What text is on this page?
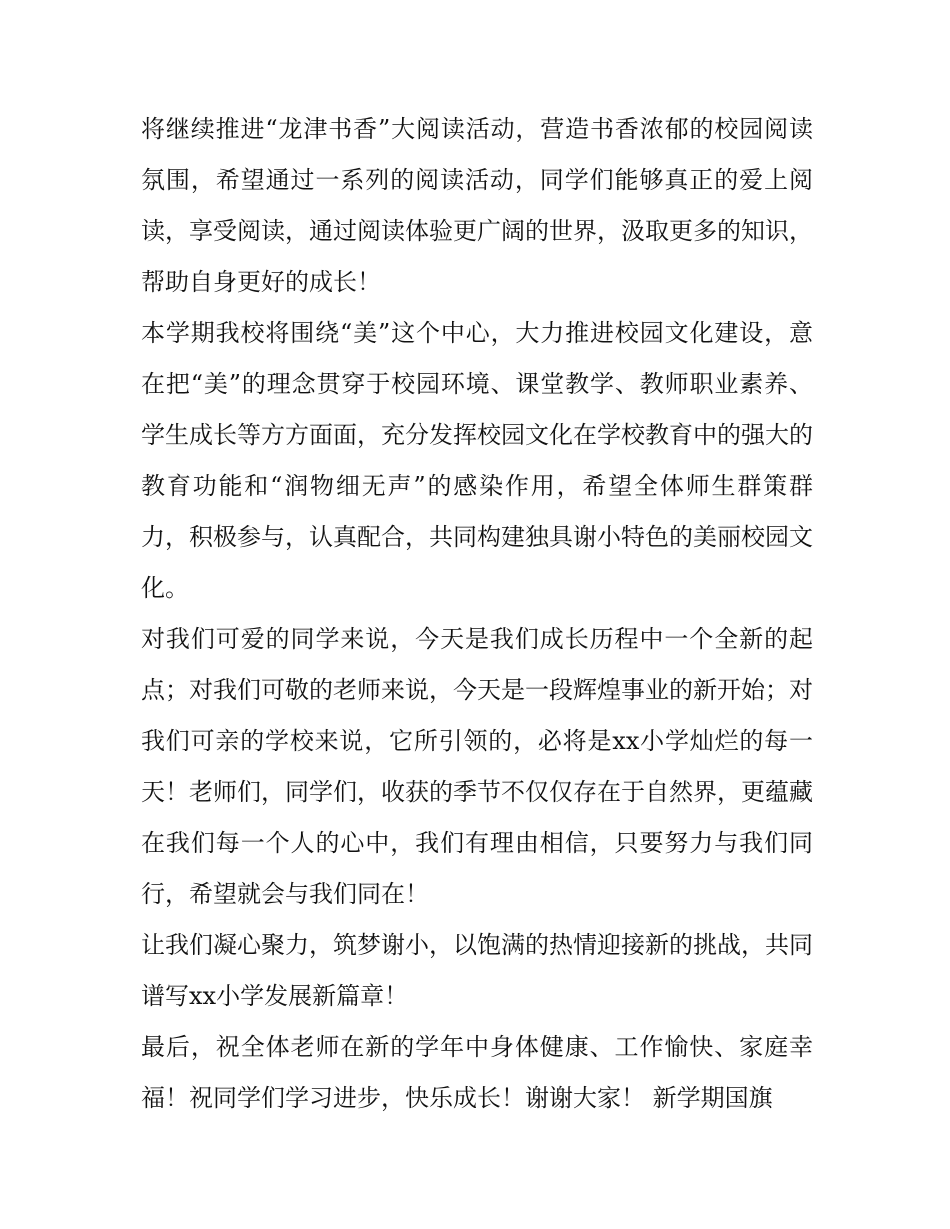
将继续推进“龙津书香”大阅读活动，营造书香浓郁的校园阅读氛围，希望通过一系列的阅读活动，同学们能够真正的爱上阅读，享受阅读，通过阅读体验更广阔的世界，汲取更多的知识，帮助自身更好的成长！

本学期我校将围绕“美”这个中心，大力推进校园文化建设，意在把“美”的理念贯穿于校园环境、课堂教学、教师职业素养、学生成长等方方面面，充分发挥校园文化在学校教育中的强大的教育功能和“润物细无声”的感染作用，希望全体师生群策群力，积极参与，认真配合，共同构建独具谢小特色的美丽校园文化。

对我们可爱的同学来说，今天是我们成长历程中一个全新的起点；对我们可敬的老师来说，今天是一段辉煌事业的新开始；对我们可亲的学校来说，它所引领的，必将是xx小学灿烂的每一天！老师们，同学们，收获的季节不仅仅存在于自然界，更蕴藏在我们每一个人的心中，我们有理由相信，只要努力与我们同行，希望就会与我们同在！

让我们凝心聚力，筑梦谢小，以饱满的热情迎接新的挑战，共同谱写xx小学发展新篇章！

最后，祝全体老师在新的学年中身体健康、工作愉快、家庭幸福！祝同学们学习进步，快乐成长！谢谢大家！ 新学期国旗
